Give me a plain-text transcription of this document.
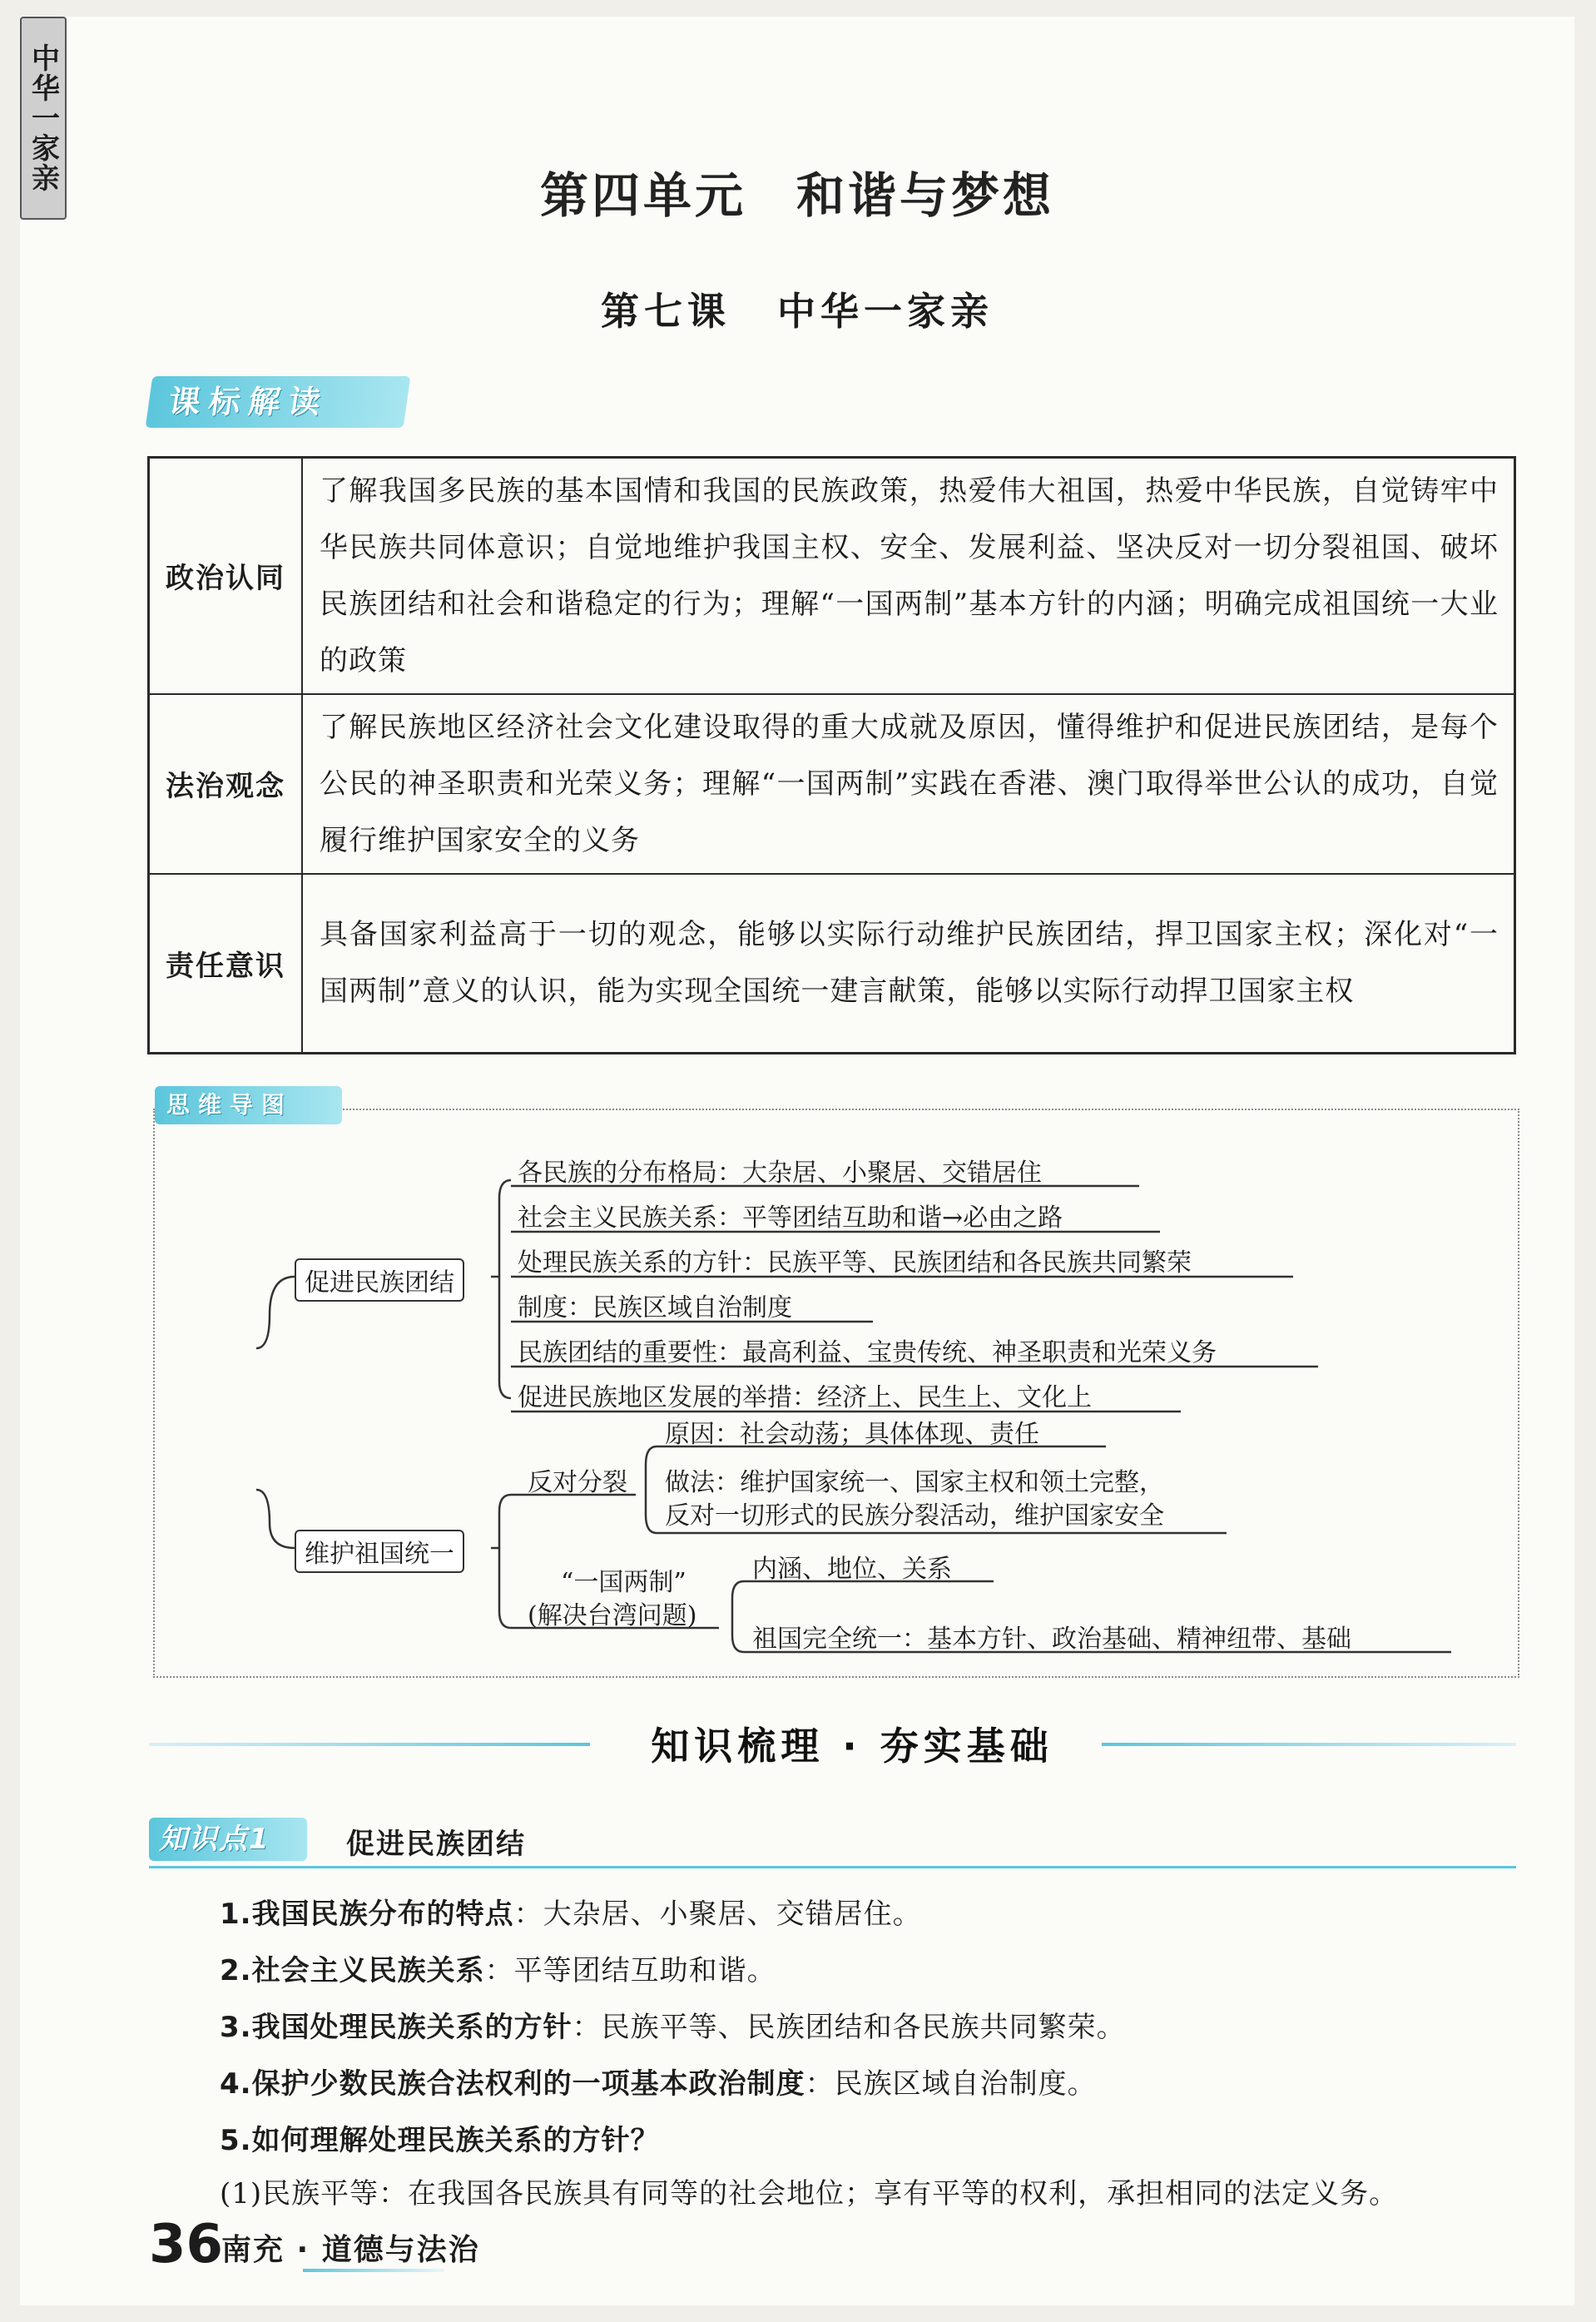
第四单元 和谐与梦想
第七课 中华一家亲
课标解读
政治认同	了解我国多民族的基本国情和我国的民族政策，热爱伟大祖国，热爱中华民族，自觉铸牢中华民族共同体意识；自觉地维护我国主权、安全、发展利益、坚决反对一切分裂祖国、破坏民族团结和社会和谐稳定的行为；理解“一国两制”基本方针的内涵；明确完成祖国统一大业的政策
法治观念	了解民族地区经济社会文化建设取得的重大成就及原因，懂得维护和促进民族团结，是每个公民的神圣职责和光荣义务；理解“一国两制”实践在香港、澳门取得举世公认的成功，自觉履行维护国家安全的义务
责任意识	具备国家利益高于一切的观念，能够以实际行动维护民族团结，捍卫国家主权；深化对“一国两制”意义的认识，能为实现全国统一建言献策，能够以实际行动捍卫国家主权
思维导图
中华一家亲
促进民族团结
维护祖国统一
各民族的分布格局：大杂居、小聚居、交错居住
社会主义民族关系：平等团结互助和谐→必由之路
处理民族关系的方针：民族平等、民族团结和各民族共同繁荣
制度：民族区域自治制度
民族团结的重要性：最高利益、宝贵传统、神圣职责和光荣义务
促进民族地区发展的举措：经济上、民生上、文化上
反对分裂
原因：社会动荡；具体体现、责任
做法：维护国家统一、国家主权和领土完整，
反对一切形式的民族分裂活动，维护国家安全
“一国两制”
(解决台湾问题)
内涵、地位、关系
祖国完全统一：基本方针、政治基础、精神纽带、基础
知识梳理 · 夯实基础
知识点1	促进民族团结
1.我国民族分布的特点：大杂居、小聚居、交错居住。
2.社会主义民族关系：平等团结互助和谐。
3.我国处理民族关系的方针：民族平等、民族团结和各民族共同繁荣。
4.保护少数民族合法权利的一项基本政治制度：民族区域自治制度。
5.如何理解处理民族关系的方针？
(1)民族平等：在我国各民族具有同等的社会地位；享有平等的权利，承担相同的法定义务。
36
南充 · 道德与法治
